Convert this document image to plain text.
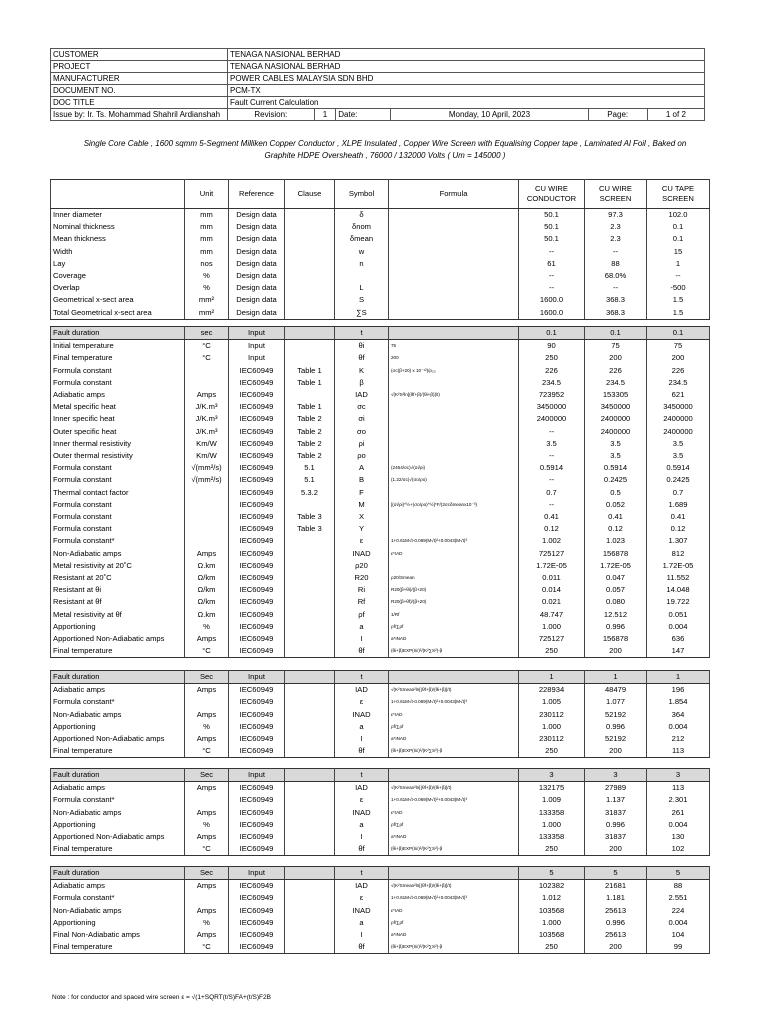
CUSTOMER	TENAGA NASIONAL BERHAD					
PROJECT	TENAGA NASIONAL BERHAD					
MANUFACTURER	POWER CABLES MALAYSIA SDN BHD					
DOCUMENT NO.	PCM-TX					
DOC TITLE	Fault Current Calculation					
Issue by: Ir. Ts. Mohammad Shahril Ardianshah	Revision:	1	Date:	Monday, 10 April, 2023	Page:	1 of 2
Single Core Cable , 1600 sqmm 5-Segment Milliken Copper Conductor , XLPE Insulated , Copper Wire Screen with Equalising Copper tape , Laminated Al Foil , Baked on
Graphite HDPE Oversheath , 76000 / 132000 Volts ( Um = 145000 )
	Unit	Reference	Clause	Symbol	Formula	CU WIRE CONDUCTOR	CU WIRE SCREEN	CU TAPE SCREEN
Inner diameter	mm	Design data		δ		50.1	97.3	102.0
Nominal thickness	mm	Design data		δnom		50.1	2.3	0.1
Mean thickness	mm	Design data		δmean		50.1	2.3	0.1
Width	mm	Design data		w		--	--	15
Lay	nos	Design data		n		61	88	1
Coverage	%	Design data				--	68.0%	--
Overlap	%	Design data		L		--	--	-500
Geometrical x-sect area	mm²	Design data		S		1600.0	368.3	1.5
Total Geometrical x-sect area	mm²	Design data		∑S		1600.0	368.3	1.5
Fault duration	sec	Input		t		0.1	0.1	0.1
Initial temperature	°C	Input		θi	75	90	75	75
Final temperature	°C	Input		θf	200	250	200	200
Formula constant		IEC60949	Table 1	K	(σc(β+20) x 10⁻¹²)/ρ₂₀	226	226	226
Formula constant		IEC60949	Table 1	β		234.5	234.5	234.5
Adiabatic amps	Amps	IEC60949		IAD	√(K²S²ln[(θf+β)/(θi+β)]/t)	723952	153305	621
Metal specific heat	J/K.m³	IEC60949	Table 1	σc		3450000	3450000	3450000
Inner specific heat	J/K.m³	IEC60949	Table 2	σi		2400000	2400000	2400000
Outer specific heat	J/K.m³	IEC60949	Table 2	σo		--	2400000	2400000
Inner thermal resistivity	Km/W	IEC60949	Table 2	ρi		3.5	3.5	3.5
Outer thermal resistivity	Km/W	IEC60949	Table 2	ρo		--	3.5	3.5
Formula constant	√(mm²/s)	IEC60949	5.1	A	(2464/σc)√(σi/ρi)	0.5914	0.5914	0.5914
Formula constant	√(mm²/s)	IEC60949	5.1	B	(1.22/σc)√(σo/ρo)	--	0.2425	0.2425
Thermal contact factor		IEC60949	5.3.2	F		0.7	0.5	0.7
Formula constant		IEC60949		M	[(σi/ρi)^½+(σo/ρo)^½]*F/(2σcδmeanx10⁻³)	--	0.052	1.689
Formula constant		IEC60949	Table 3	X		0.41	0.41	0.41
Formula constant		IEC60949	Table 3	Y		0.12	0.12	0.12
Formula constant*		IEC60949		ε	1+0.61M√t-0.069(M√t)²+0.0043(M√t)³	1.002	1.023	1.307
Non-Adiabatic amps	Amps	IEC60949		INAD	ε*IAD	725127	156878	812
Metal resistivity at 20˚C	Ω.km	IEC60949		ρ20		1.72E-05	1.72E-05	1.72E-05
Resistant at 20˚C	Ω/km	IEC60949		R20	ρ20/Smean	0.011	0.047	11.552
Resistant at θi	Ω/km	IEC60949		Ri	R20(β+θi)/(β+20)	0.014	0.057	14.048
Resistant at θf	Ω/km	IEC60949		Rf	R20(β+θf)/(β+20)	0.021	0.080	19.722
Metal resistivity at θf	Ω.km	IEC60949		ρf	1/Rf	48.747	12.512	0.051
Apportioning	%	IEC60949		a	ρf/∑ρf	1.000	0.996	0.004
Apportioned Non-Adiabatic amps	Amps	IEC60949		I	a*INAD	725127	156878	636
Final temperature	°C	IEC60949		θf	(θi+β)EXP(I/ε)²/(K²∑S²)-β	250	200	147
Fault duration	Sec	Input		t		1	1	1
Adiabatic amps	Amps	IEC60949		IAD	√(K²Smean²ln[(θf+β)/(θi+β)]/t)	228934	48479	196
Formula constant*		IEC60949		ε	1+0.61M√t-0.069(M√t)²+0.0043(M√t)³	1.005	1.077	1.854
Non-Adiabatic amps	Amps	IEC60949		INAD	ε*IAD	230112	52192	364
Apportioning	%	IEC60949		a	ρf/∑ρf	1.000	0.996	0.004
Apportioned Non-Adiabatic amps	Amps	IEC60949		I	a*INAD	230112	52192	212
Final temperature	°C	IEC60949		θf	(θi+β)EXP(I/ε)²/(K²∑S²)-β	250	200	113
Fault duration	Sec	Input		t		3	3	3
Adiabatic amps	Amps	IEC60949		IAD	√(K²Smean²ln[(θf+β)/(θi+β)]/t)	132175	27989	113
Formula constant*		IEC60949		ε	1+0.61M√t-0.069(M√t)²+0.0043(M√t)³	1.009	1.137	2.301
Non-Adiabatic amps	Amps	IEC60949		INAD	ε*IAD	133358	31837	261
Apportioning	%	IEC60949		a	ρf/∑ρf	1.000	0.996	0.004
Apportioned Non-Adiabatic amps	Amps	IEC60949		I	a*INAD	133358	31837	130
Final temperature	°C	IEC60949		θf	(θi+β)EXP(I/ε)²/(K²∑S²)-β	250	200	102
Fault duration	Sec	Input		t		5	5	5
Adiabatic amps	Amps	IEC60949		IAD	√(K²Smean²ln[(θf+β)/(θi+β)]/t)	102382	21681	88
Formula constant*		IEC60949		ε	1+0.61M√t-0.069(M√t)²+0.0043(M√t)³	1.012	1.181	2.551
Non-Adiabatic amps	Amps	IEC60949		INAD	ε*IAD	103568	25613	224
Apportioning	%	IEC60949		a	ρf/∑ρf	1.000	0.996	0.004
Final Non-Adiabatic amps	Amps	IEC60949		I	a*INAD	103568	25613	104
Final temperature	°C	IEC60949		θf	(θi+β)EXP(I/ε)²/(K²∑S²)-β	250	200	99
Note : for conductor and spaced wire screen ε = √(1+SQRT(t/S)FA+(t/S)F2B
